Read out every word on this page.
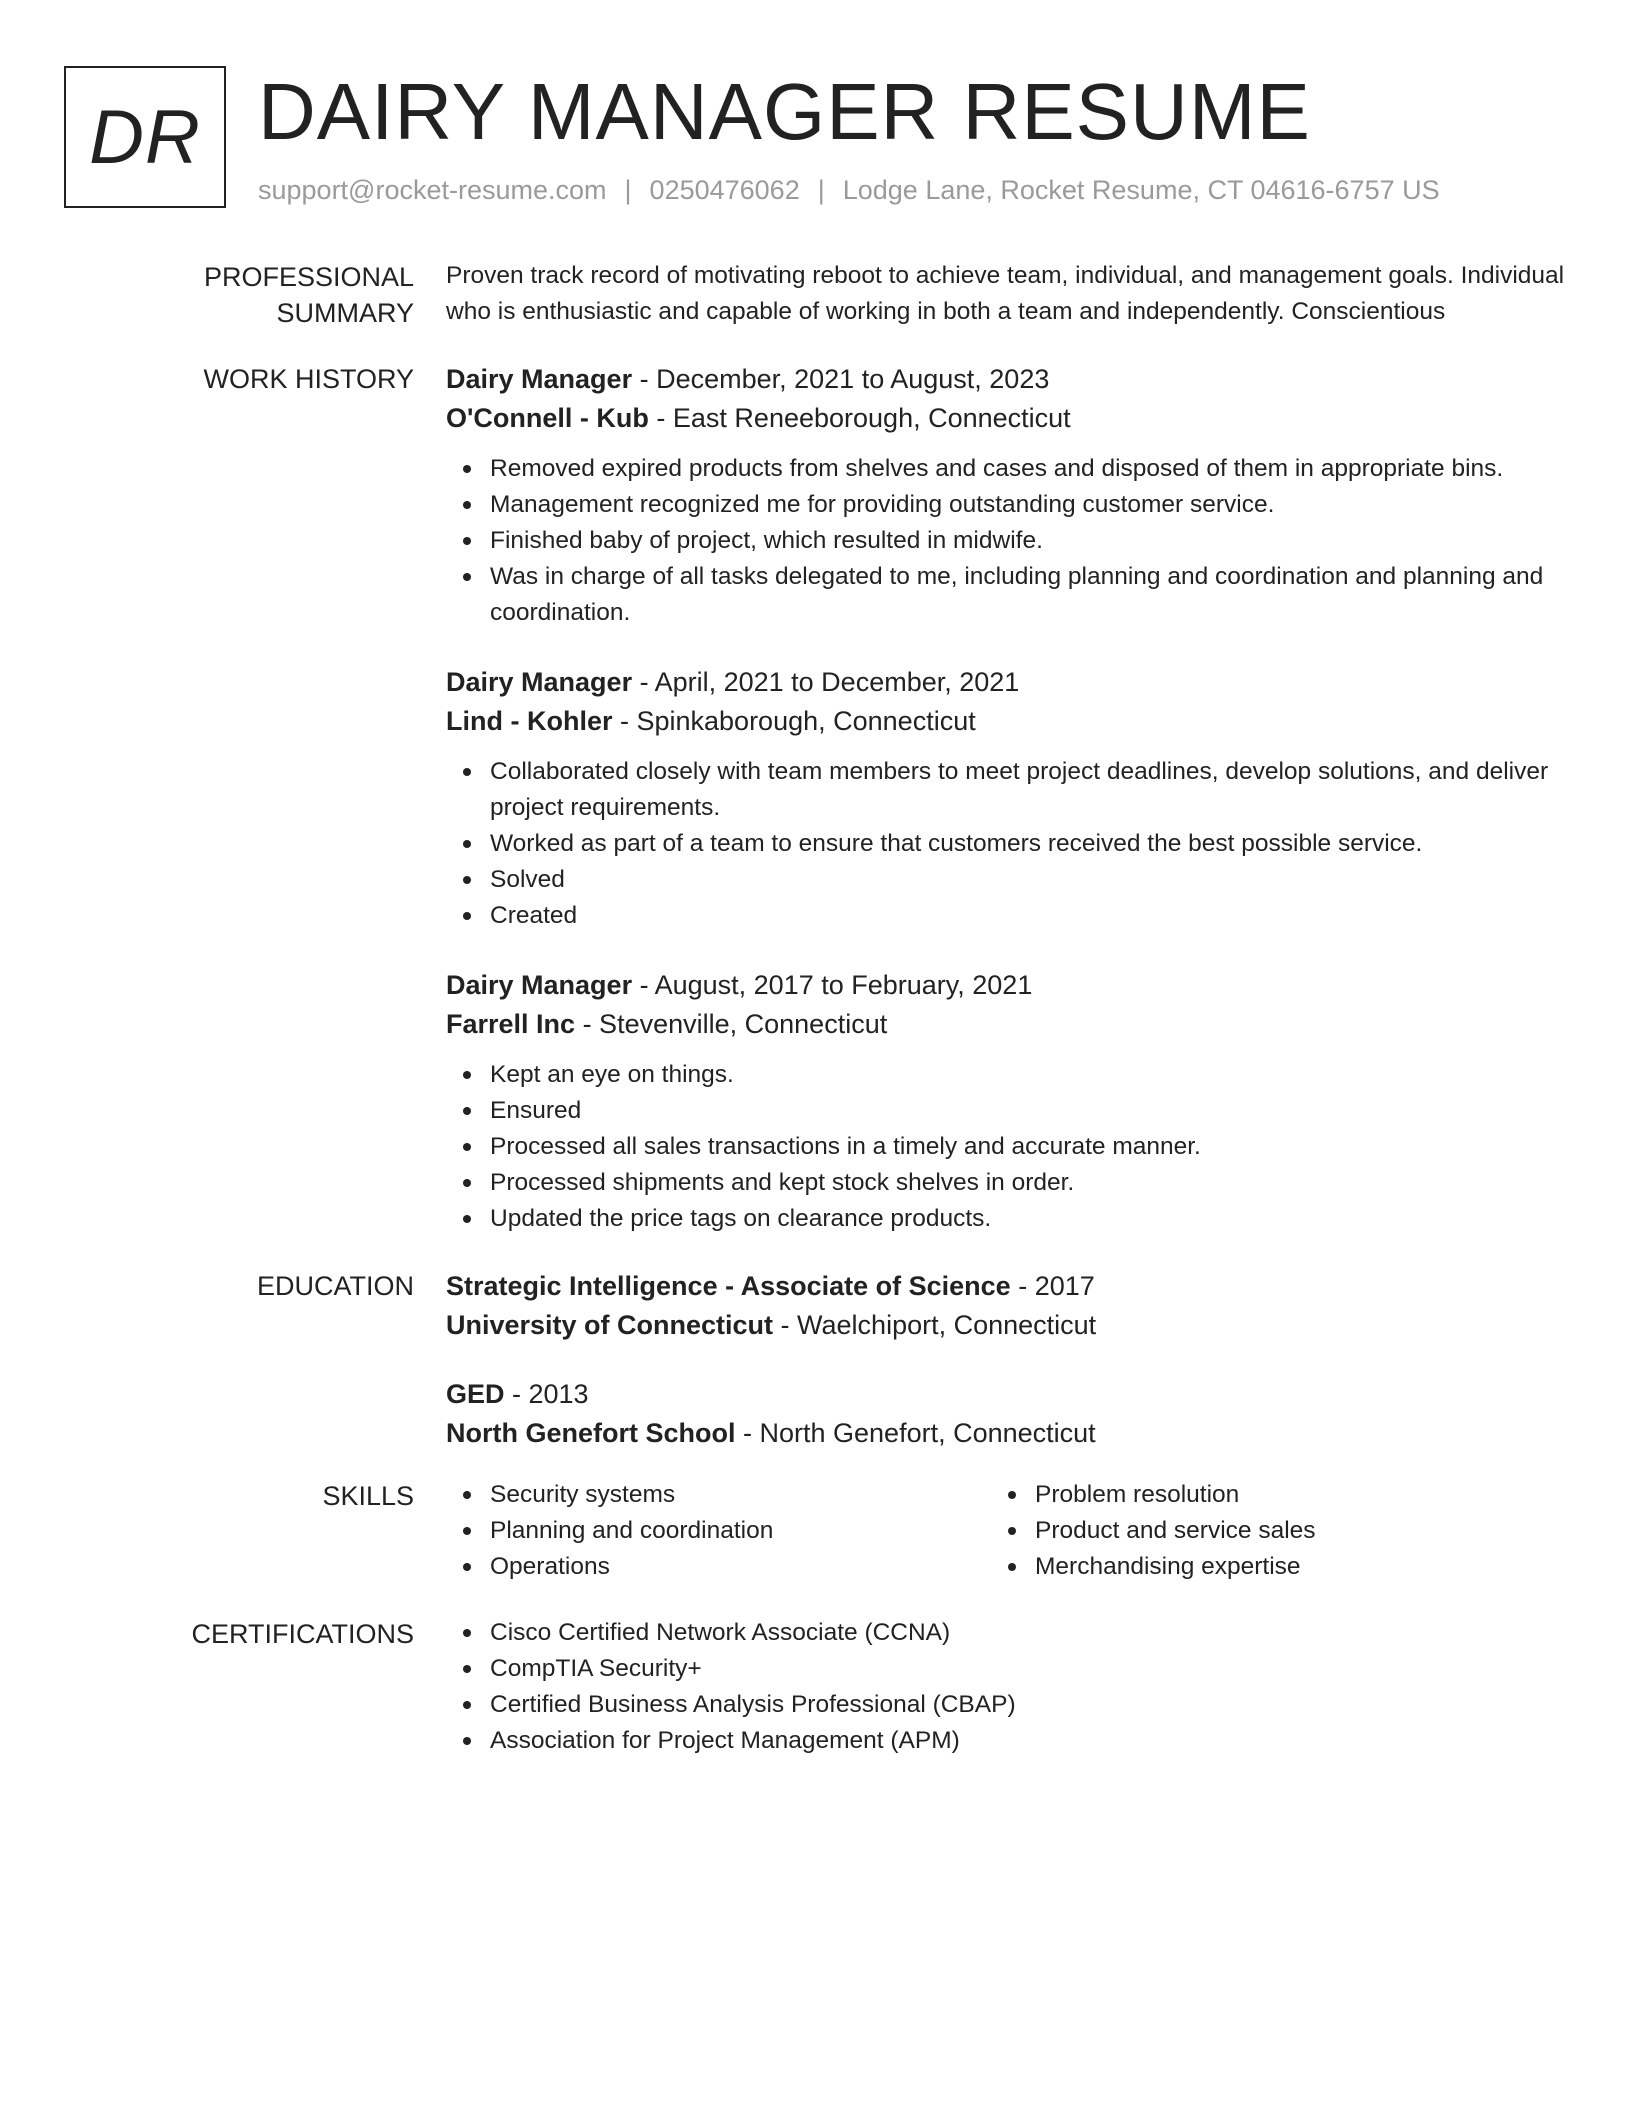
DR DAIRY MANAGER RESUME
support@rocket-resume.com | 0250476062 | Lodge Lane, Rocket Resume, CT 04616-6757 US
PROFESSIONAL SUMMARY
Proven track record of motivating reboot to achieve team, individual, and management goals. Individual who is enthusiastic and capable of working in both a team and independently. Conscientious
WORK HISTORY Dairy Manager - December, 2021 to August, 2023
O'Connell - Kub - East Reneeborough, Connecticut
Removed expired products from shelves and cases and disposed of them in appropriate bins.
Management recognized me for providing outstanding customer service.
Finished baby of project, which resulted in midwife.
Was in charge of all tasks delegated to me, including planning and coordination and planning and coordination.
Dairy Manager - April, 2021 to December, 2021
Lind - Kohler - Spinkaborough, Connecticut
Collaborated closely with team members to meet project deadlines, develop solutions, and deliver project requirements.
Worked as part of a team to ensure that customers received the best possible service.
Solved
Created
Dairy Manager - August, 2017 to February, 2021
Farrell Inc - Stevenville, Connecticut
Kept an eye on things.
Ensured
Processed all sales transactions in a timely and accurate manner.
Processed shipments and kept stock shelves in order.
Updated the price tags on clearance products.
EDUCATION Strategic Intelligence - Associate of Science - 2017
University of Connecticut - Waelchiport, Connecticut
GED - 2013
North Genefort School - North Genefort, Connecticut
SKILLS	Security systems
Planning and coordination
Operations
Problem resolution
Product and service sales
Merchandising expertise
CERTIFICATIONS	Cisco Certified Network Associate (CCNA)
CompTIA Security+
Certified Business Analysis Professional (CBAP)
Association for Project Management (APM)
